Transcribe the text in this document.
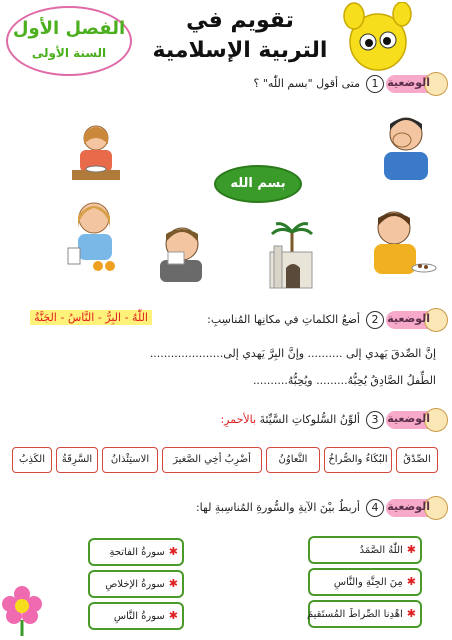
الفصل الأول
السنة الأولى
تقويم في
التربية الإسلامية
الوضعية
1
متى أقول "بسم اللّٰه" ؟
بسم الله
الوضعية
2
أضعُ الكلماتِ في مكانِها المُناسِبِ:
اللّٰهُ - البِرُّ - النَّاسُ - الجَنَّةُ
إنَّ الصِّدقَ يَهدي إلى .......... وإنَّ البِرَّ يَهدي إلى.....................
الطِّفلُ الصَّادِقُ يُحِبُّهُ......... ويُحِبُّهُ..........
الوضعية
3
ألوِّنُ السُّلوكاتِ السَّيِّئةَ بالأحمرِ:
الصِّدْقُ
البُكَاءُ والصُّراخُ
التَّعاوُنُ
أضْرِبُ أخِي الصَّغيرَ
الاستِئْذانُ
السَّرِقَةُ
الكَذِبُ
الوضعية
4
أربطُ بيْنَ الآيةِ والسُّورةِ المُناسِبةِ لها:
✱اللّٰهُ الصَّمَدُ
✱مِنَ الجِنَّةِ والنَّاسِ
✱اهْدِنا الصِّراطَ المُستَقيمَ
✱سورةُ الفاتحةِ
✱سورةُ الإخلاصِ
✱سورةُ النَّاسِ
